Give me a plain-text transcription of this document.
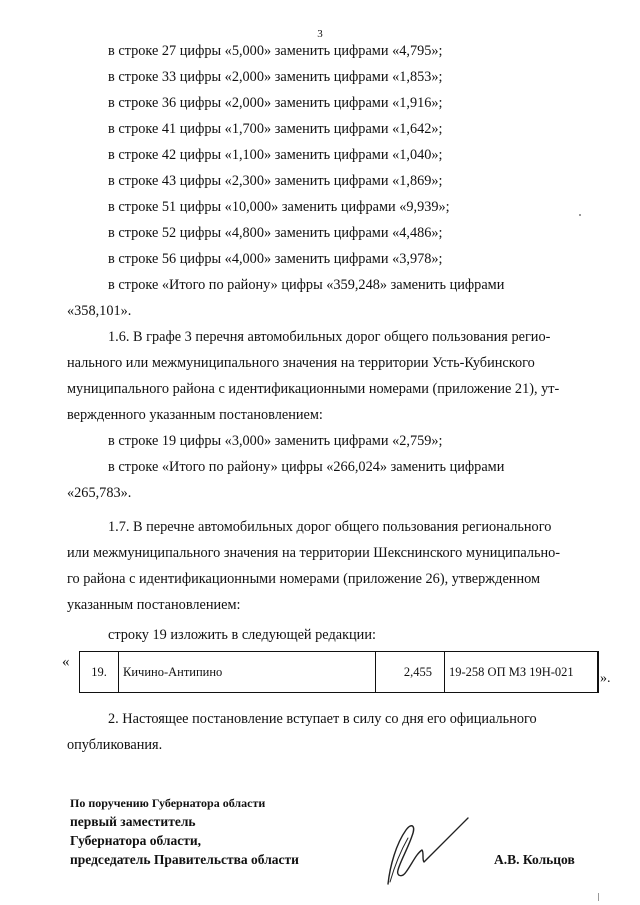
3
в строке 27 цифры «5,000» заменить цифрами «4,795»;
в строке 33 цифры «2,000» заменить цифрами «1,853»;
в строке 36 цифры «2,000» заменить цифрами «1,916»;
в строке 41 цифры «1,700» заменить цифрами «1,642»;
в строке 42 цифры «1,100» заменить цифрами «1,040»;
в строке 43 цифры «2,300» заменить цифрами «1,869»;
в строке 51 цифры «10,000» заменить цифрами «9,939»;
в строке 52 цифры «4,800» заменить цифрами «4,486»;
в строке 56 цифры «4,000» заменить цифрами «3,978»;
в строке «Итого по району» цифры «359,248» заменить цифрами
«358,101».
1.6. В графе 3 перечня автомобильных дорог общего пользования регио-
нального или межмуниципального значения на территории Усть-Кубинского
муниципального района с идентификационными номерами (приложение 21), ут-
вержденного указанным постановлением:
в строке 19 цифры «3,000» заменить цифрами «2,759»;
в строке «Итого по району» цифры «266,024» заменить цифрами
«265,783».
1.7. В перечне автомобильных дорог общего пользования регионального
или межмуниципального значения на территории Шекснинского муниципально-
го района с идентификационными номерами (приложение 26), утвержденном
указанным постановлением:
строку 19 изложить в следующей редакции:
«
19.	Кичино-Антипино	2,455	19-258 ОП МЗ 19Н-021	».
2. Настоящее постановление вступает в силу со дня его официального
опубликования.
По поручению Губернатора области
первый заместитель
Губернатора области,
председатель Правительства области	А.В. Кольцов
